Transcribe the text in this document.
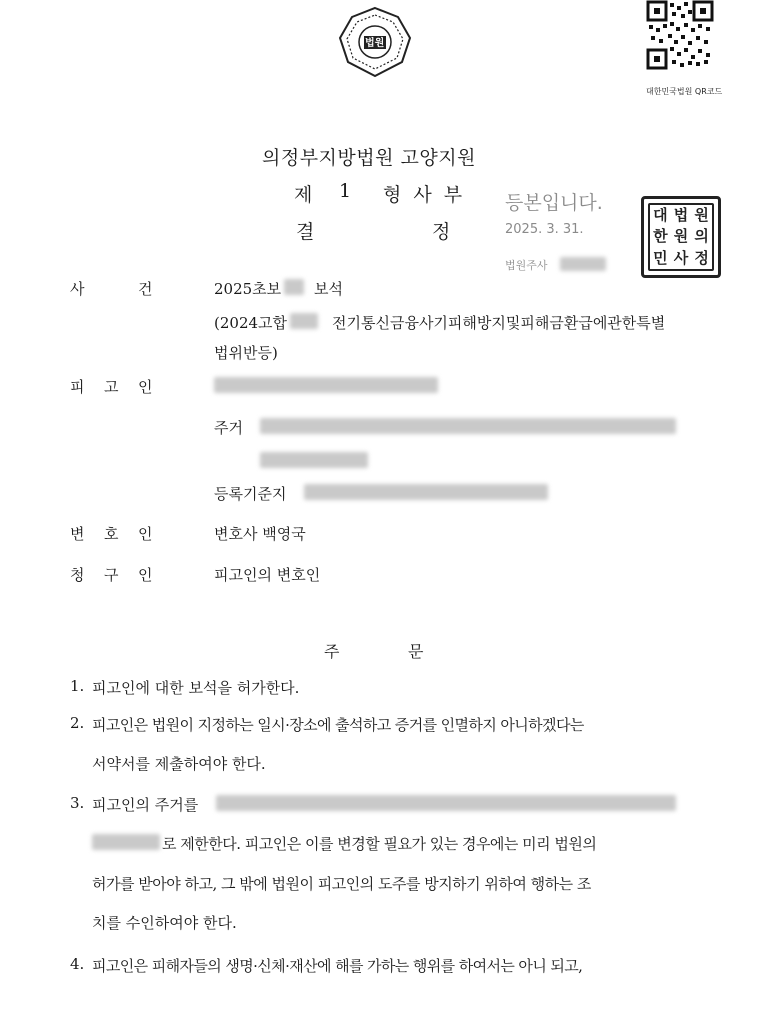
법원
대한민국법원 QR코드
의정부지방법원 고양지원
제 1 형사부
결	정
등본입니다.
2025. 3. 31.
법원주사
대 법 원
한 원 의
민 사 정
사	건	2025초보 보석
(2024고합	전기통신금융사기피해방지및피해금환급에관한특별
법위반등)
피 고 인
주거
등록기준지
변 호 인	변호사 백영국
청 구 인	피고인의 변호인
주	문
1. 피고인에 대한 보석을 허가한다.
2. 피고인은 법원이 지정하는 일시·장소에 출석하고 증거를 인멸하지 아니하겠다는
서약서를 제출하여야 한다.
3. 피고인의 주거를
로 제한한다. 피고인은 이를 변경할 필요가 있는 경우에는 미리 법원의
허가를 받아야 하고, 그 밖에 법원이 피고인의 도주를 방지하기 위하여 행하는 조
치를 수인하여야 한다.
4. 피고인은 피해자들의 생명·신체·재산에 해를 가하는 행위를 하여서는 아니 되고,
